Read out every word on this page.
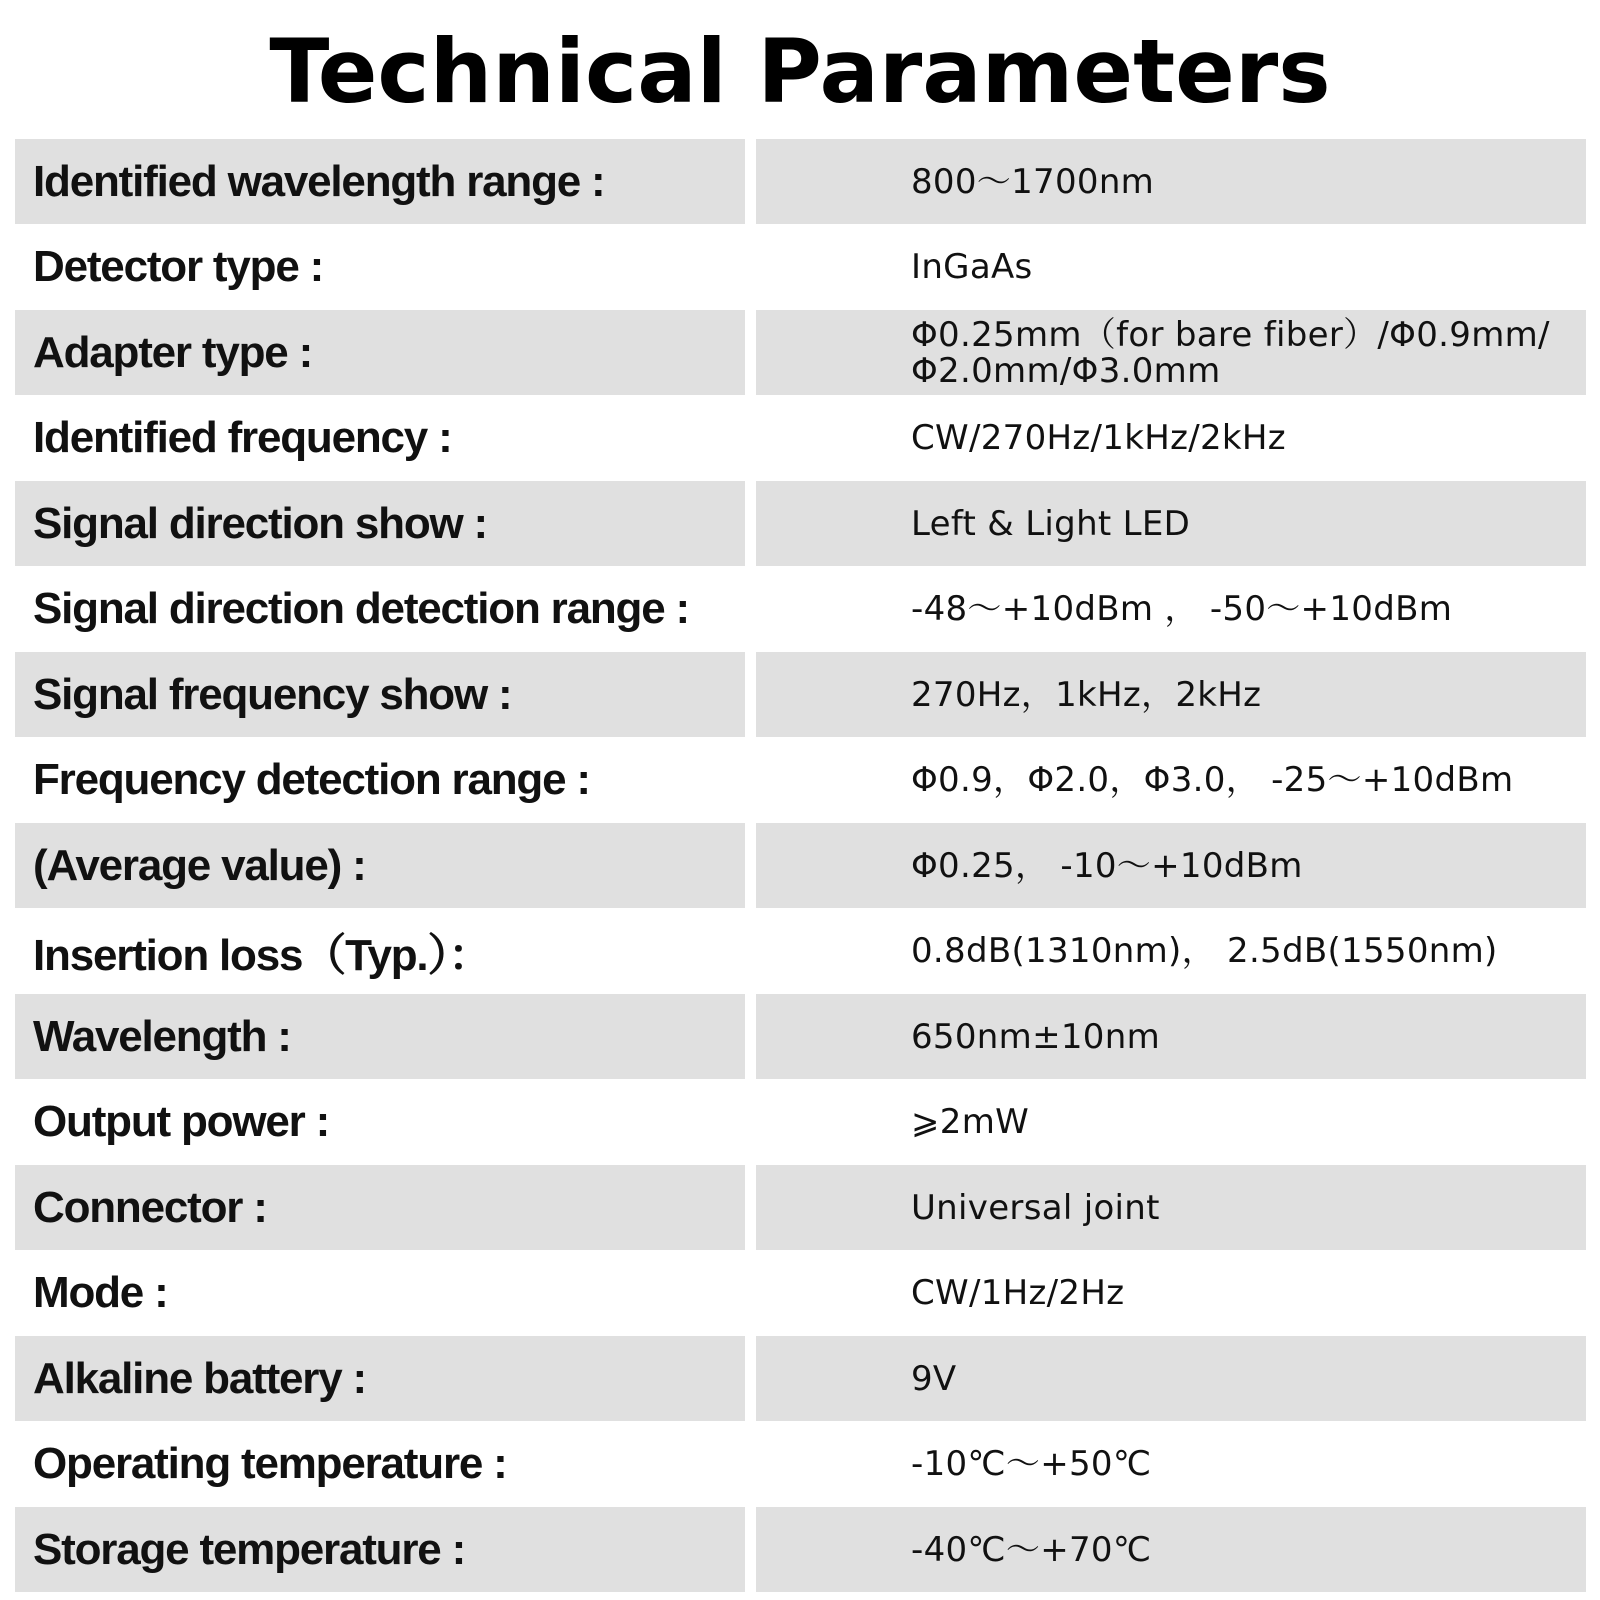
Technical Parameters
Identified wavelength range :	800～1700nm
Detector type :	InGaAs
Adapter type :	Φ0.25mm（for bare fiber）/Φ0.9mm/ Φ2.0mm/Φ3.0mm
Identified frequency :	CW/270Hz/1kHz/2kHz
Signal direction show :	Left & Light LED
Signal direction detection range :	-48～+10dBm ， -50～+10dBm
Signal frequency show :	270Hz，1kHz，2kHz
Frequency detection range :	Φ0.9，Φ2.0，Φ3.0， -25～+10dBm
(Average value) :	Φ0.25， -10～+10dBm
Insertion loss（Typ.）：	0.8dB(1310nm)， 2.5dB(1550nm)
Wavelength :	650nm±10nm
Output power :	⩾2mW
Connector :	Universal joint
Mode :	CW/1Hz/2Hz
Alkaline battery :	9V
Operating temperature :	-10℃～+50℃
Storage temperature :	-40℃～+70℃
